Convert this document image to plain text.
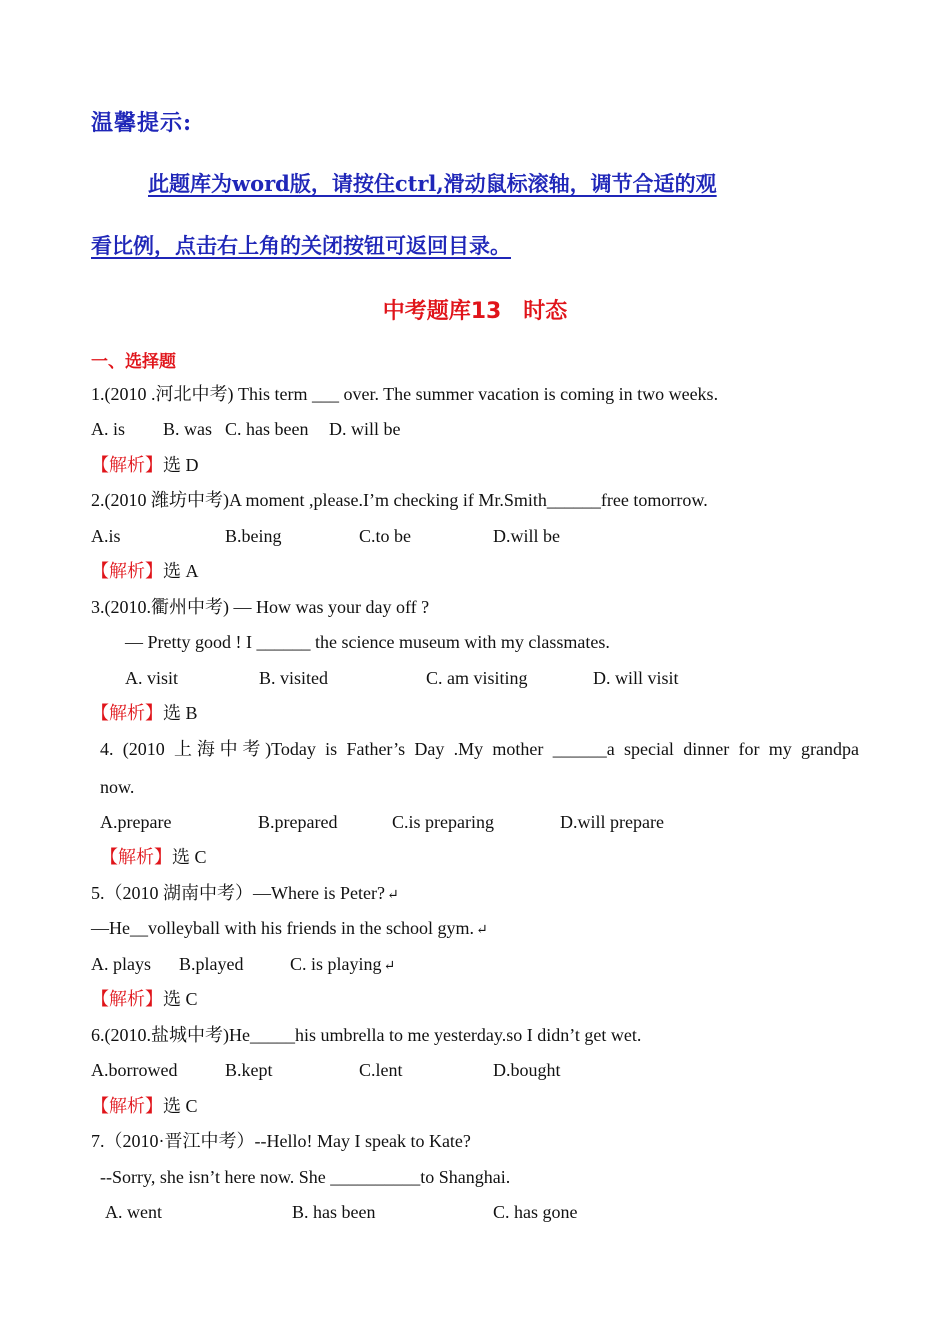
温馨提示:
此题库为word版，请按住ctrl,滑动鼠标滚轴，调节合适的观
看比例，点击右上角的关闭按钮可返回目录。
中考题库13　时态
一、选择题
1.(2010 .河北中考) This term ___ over. The summer vacation is coming in two weeks.
A. is B. was C. has been D. will be
【解析】选 D
2.(2010 潍坊中考)A moment ,please.I’m checking if Mr.Smith______free tomorrow.
A.is	B.being	C.to be	D.will be
【解析】选 A
3.(2010.衢州中考) — How was your day off ?
— Pretty good ! I ______ the science museum with my classmates.
A. visit	B. visited	C. am visiting	D. will visit
【解析】选 B
4. (2010 上海中考)Today is Father’s Day .My mother ______a special dinner for my grandpa
now.
A.prepare	B.prepared	C.is preparing	D.will prepare
【解析】选 C
5.（2010 湖南中考）—Where is Peter? ↵
—He__volleyball with his friends in the school gym. ↵
A. plays B.played	C. is playing ↵
【解析】选 C
6.(2010.盐城中考)He_____his umbrella to me yesterday.so I didn’t get wet.
A.borrowed	B.kept	C.lent	D.bought
【解析】选 C
7.（2010·晋江中考）--Hello! May I speak to Kate?
--Sorry, she isn’t here now. She __________to Shanghai.
A. went	B. has been	C. has gone
